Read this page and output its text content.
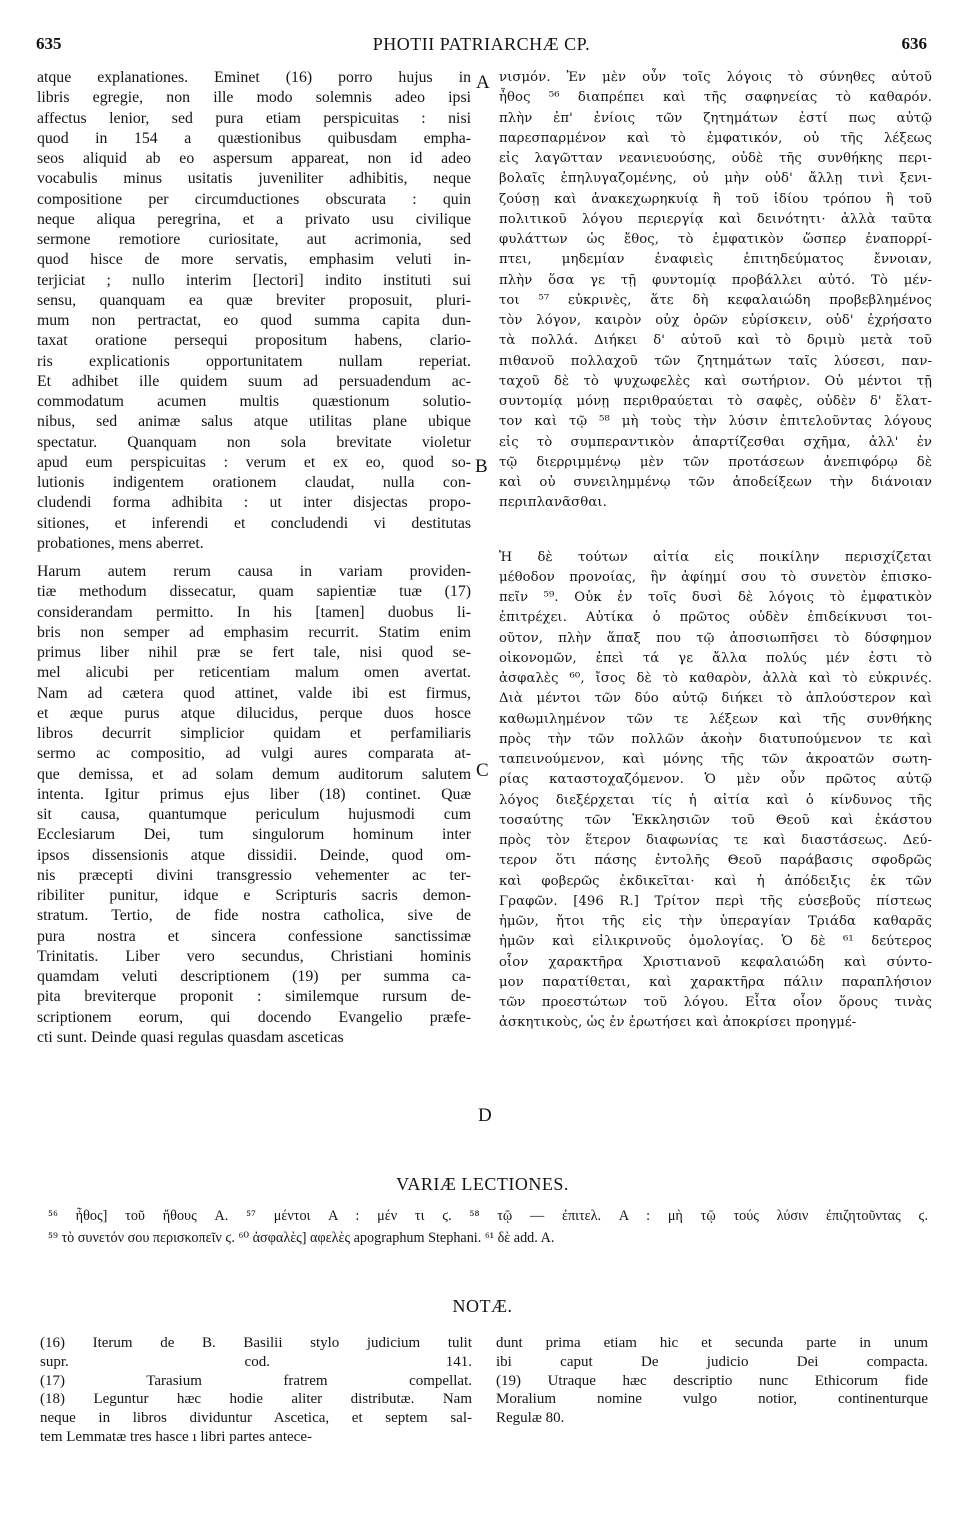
635	PHOTII PATRIARCHÆ CP.	636
atque explanationes. Eminet (16) porro hujus in
libris egregie, non ille modo solemnis adeo ipsi
affectus lenior, sed pura etiam perspicuitas : nisi
quod in 154 a quæstionibus quibusdam empha-
seos aliquid ab eo aspersum appareat, non id adeo
vocabulis minus usitatis juveniliter adhibitis, neque
compositione per circumductiones obscurata : quin
neque aliqua peregrina, et a privato usu civilique
sermone remotiore curiositate, aut acrimonia, sed
quod hisce de more servatis, emphasim veluti in-
terjiciat ; nullo interim [lectori] indito instituti sui
sensu, quanquam ea quæ breviter proposuit, pluri-
mum non pertractat, eo quod summa capita dun-
taxat oratione persequi propositum habens, clario-
ris explicationis opportunitatem nullam reperiat.
Et adhibet ille quidem suum ad persuadendum ac-
commodatum acumen multis quæstionum solutio-
nibus, sed animæ salus atque utilitas plane ubique
spectatur. Quanquam non sola brevitate violetur
apud eum perspicuitas : verum et ex eo, quod so-
lutionis indigentem orationem claudat, nulla con-
cludendi forma adhibita : ut inter disjectas propo-
sitiones, et inferendi et concludendi vi destitutas
probationes, mens aberret.
Harum autem rerum causa in variam providen-
tiæ methodum dissecatur, quam sapientiæ tuæ (17)
considerandam permitto. In his [tamen] duobus li-
bris non semper ad emphasim recurrit. Statim enim
primus liber nihil præ se fert tale, nisi quod se-
mel alicubi per reticentiam malum omen avertat.
Nam ad cætera quod attinet, valde ibi est firmus,
et æque purus atque dilucidus, perque duos hosce
libros decurrit simplicior quidam et perfamiliaris
sermo ac compositio, ad vulgi aures comparata at-
que demissa, et ad solam demum auditorum salutem
intenta. Igitur primus ejus liber (18) continet. Quæ
sit causa, quantumque periculum hujusmodi cum
Ecclesiarum Dei, tum singulorum hominum inter
ipsos dissensionis atque dissidii. Deinde, quod om-
nis præcepti divini transgressio vehementer ac ter-
ribiliter punitur, idque e Scripturis sacris demon-
stratum. Tertio, de fide nostra catholica, sive de
pura nostra et sincera confessione sanctissimæ
Trinitatis. Liber vero secundus, Christiani hominis
quamdam veluti descriptionem (19) per summa ca-
pita breviterque proponit : similemque rursum de-
scriptionem eorum, qui docendo Evangelio præfe-
cti sunt. Deinde quasi regulas quasdam asceticas
A
B
C
D
νισμόν. Ἐν μὲν οὖν τοῖς λόγοις τὸ σύνηθες αὐτοῦ
ἦθος ⁵⁶ διαπρέπει καὶ τῆς σαφηνείας τὸ καθαρόν.
πλὴν ἐπ' ἐνίοις τῶν ζητημάτων ἐστί πως αὐτῷ
παρεσπαρμένον καὶ τὸ ἐμφατικόν, οὐ τῆς λέξεως
εἰς λαγῶτταν νεανιευούσης, οὐδὲ τῆς συνθήκης περι-
βολαῖς ἐπηλυγαζομένης, οὐ μὴν οὐδ' ἄλλῃ τινὶ ξενι-
ζούσῃ καὶ ἀνακεχωρηκυίᾳ ἢ τοῦ ἰδίου τρόπου ἢ τοῦ
πολιτικοῦ λόγου περιεργίᾳ καὶ δεινότητι· ἀλλὰ ταῦτα
φυλάττων ὡς ἔθος, τὸ ἐμφατικὸν ὥσπερ ἐναπορρί-
πτει, μηδεμίαν ἐναφιεὶς ἐπιτηδεύματος ἔννοιαν,
πλὴν ὅσα γε τῇ φυντομίᾳ προβάλλει αὐτό. Τὸ μέν-
τοι ⁵⁷ εὐκρινὲς, ἅτε δὴ κεφαλαιώδη προβεβλημένος
τὸν λόγον, καιρὸν οὐχ ὁρῶν εὑρίσκειν, οὐδ' ἐχρήσατο
τὰ πολλά. Διήκει δ' αὐτοῦ καὶ τὸ δριμὺ μετὰ τοῦ
πιθανοῦ πολλαχοῦ τῶν ζητημάτων ταῖς λύσεσι, παν-
ταχοῦ δὲ τὸ ψυχωφελὲς καὶ σωτήριον. Οὐ μέντοι τῇ
συντομίᾳ μόνῃ περιθραύεται τὸ σαφὲς, οὐδὲν δ' ἔλατ-
τον καὶ τῷ ⁵⁸ μὴ τοὺς τὴν λύσιν ἐπιτελοῦντας λόγους
εἰς τὸ συμπεραντικὸν ἀπαρτίζεσθαι σχῆμα, ἀλλ' ἐν
τῷ διερριμμένῳ μὲν τῶν προτάσεων ἀνεπιφόρῳ δὲ
καὶ οὐ συνειλημμένῳ τῶν ἀποδείξεων τὴν διάνοιαν
περιπλανᾶσθαι.
Ἡ δὲ τούτων αἰτία εἰς ποικίλην περισχίζεται
μέθοδον προνοίας, ἣν ἀφίημί σου τὸ συνετὸν ἐπισκο-
πεῖν ⁵⁹. Οὐκ ἐν τοῖς δυσὶ δὲ λόγοις τὸ ἐμφατικὸν
ἐπιτρέχει. Αὐτίκα ὁ πρῶτος οὐδὲν ἐπιδείκνυσι τοι-
οῦτον, πλὴν ἅπαξ που τῷ ἀποσιωπῆσει τὸ δύσφημον
οἰκονομῶν, ἐπεὶ τά γε ἄλλα πολύς μέν ἐστι τὸ
ἀσφαλὲς ⁶⁰, ἴσος δὲ τὸ καθαρὸν, ἀλλὰ καὶ τὸ εὐκρινές.
Διὰ μέντοι τῶν δύο αὐτῷ διήκει τὸ ἁπλούστερον καὶ
καθωμιλημένον τῶν τε λέξεων καὶ τῆς συνθήκης
πρὸς τὴν τῶν πολλῶν ἀκοὴν διατυπούμενον τε καὶ
ταπεινούμενον, καὶ μόνης τῆς τῶν ἀκροατῶν σωτη-
ρίας καταστοχαζόμενον. Ὁ μὲν οὖν πρῶτος αὐτῷ
λόγος διεξέρχεται τίς ἡ αἰτία καὶ ὁ κίνδυνος τῆς
τοσαύτης τῶν Ἐκκλησιῶν τοῦ Θεοῦ καὶ ἑκάστου
πρὸς τὸν ἕτερον διαφωνίας τε καὶ διαστάσεως. Δεύ-
τερον ὅτι πάσης ἐντολῆς Θεοῦ παράβασις σφοδρῶς
καὶ φοβερῶς ἐκδικεῖται· καὶ ἡ ἀπόδειξις ἐκ τῶν
Γραφῶν. [496 R.] Τρίτον περὶ τῆς εὐσεβοῦς πίστεως
ἡμῶν, ἤτοι τῆς εἰς τὴν ὑπεραγίαν Τριάδα καθαρᾶς
ἡμῶν καὶ εἰλικρινοῦς ὁμολογίας. Ὁ δὲ ⁶¹ δεύτερος
οἷον χαρακτῆρα Χριστιανοῦ κεφαλαιώδη καὶ σύντο-
μον παρατίθεται, καὶ χαρακτῆρα πάλιν παραπλήσιον
τῶν προεστώτων τοῦ λόγου. Εἶτα οἷον ὅρους τινὰς
ἀσκητικοὺς, ὡς ἐν ἐρωτήσει καὶ ἀποκρίσει προηγμέ-
VARIÆ LECTIONES.
⁵⁶ ἦθος] τοῦ ἤθους A. ⁵⁷ μέντοι A : μέν τι ϛ. ⁵⁸ τῷ — ἐπιτελ. A : μὴ τῷ τούς λύσιν ἐπιζητοῦντας ϛ.
⁵⁹ τὸ συνετόν σου περισκοπεῖν ϛ. ⁶⁰ ἀσφαλὲς] αφελὲς apographum Stephani. ⁶¹ δὲ add. A.
NOTÆ.
(16) Iterum de B. Basilii stylo judicium tulit
supr. cod. 141.
(17) Tarasium fratrem compellat.
(18) Leguntur hæc hodie aliter distributæ. Nam
neque in libros dividuntur Ascetica, et septem sal-
tem Lemmatæ tres hasce ı libri partes antece-
dunt prima etiam hic et secunda parte in unum
ibi caput De judicio Dei compacta.
(19) Utraque hæc descriptio nunc Ethicorum fide
Moralium nomine vulgo notior, continenturque
Regulæ 80.
